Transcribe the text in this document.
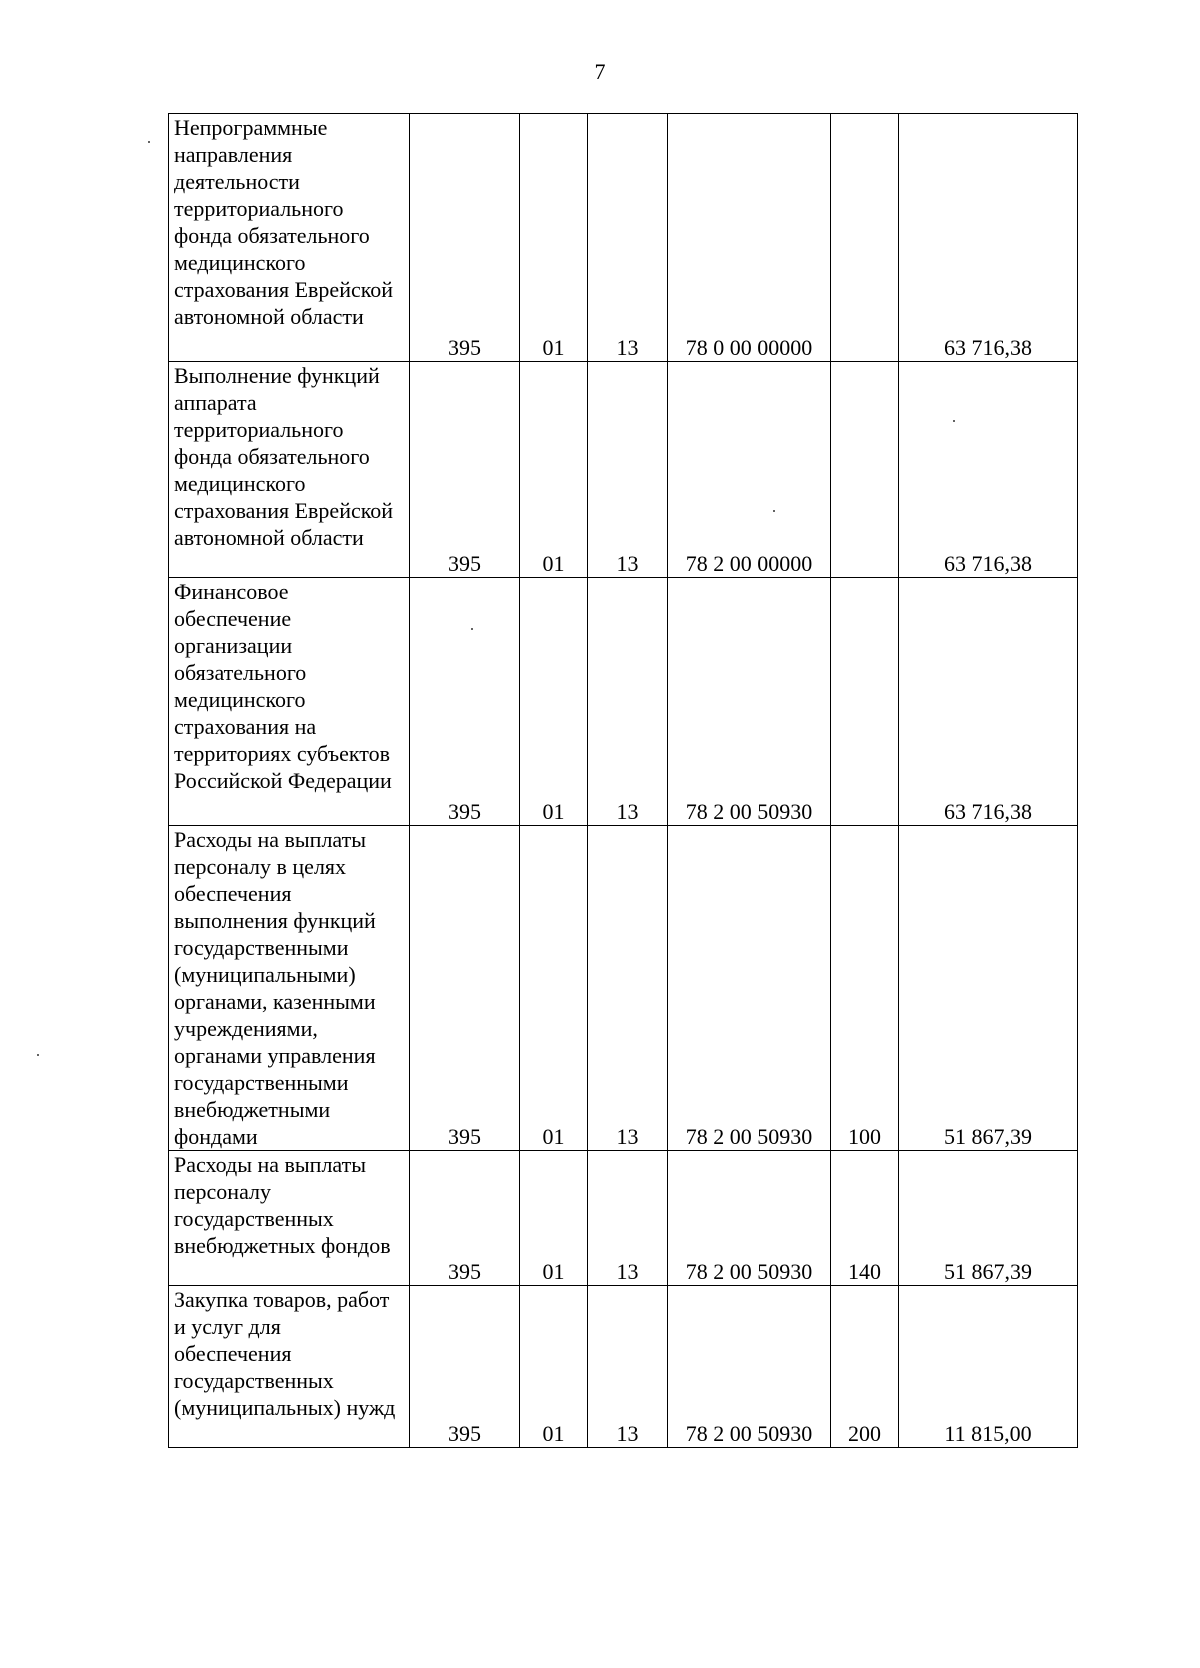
7
Непрограммные направления деятельности территориального фонда обязательного медицинского страхования Еврейской автономной области	395	01	13	78 0 00 00000		63 716,38

Выполнение функций аппарата территориального фонда обязательного медицинского страхования Еврейской автономной области	395	01	13	78 2 00 00000		63 716,38

Финансовое обеспечение организации обязательного медицинского страхования на территориях субъектов Российской Федерации	395	01	13	78 2 00 50930		63 716,38

Расходы на выплаты персоналу в целях обеспечения выполнения функций государственными (муниципальными) органами, казенными учреждениями, органами управления государственными внебюджетными фондами	395	01	13	78 2 00 50930	100	51 867,39

Расходы на выплаты персоналу государственных внебюджетных фондов	395	01	13	78 2 00 50930	140	51 867,39

Закупка товаров, работ и услуг для обеспечения государственных (муниципальных) нужд	395	01	13	78 2 00 50930	200	11 815,00
